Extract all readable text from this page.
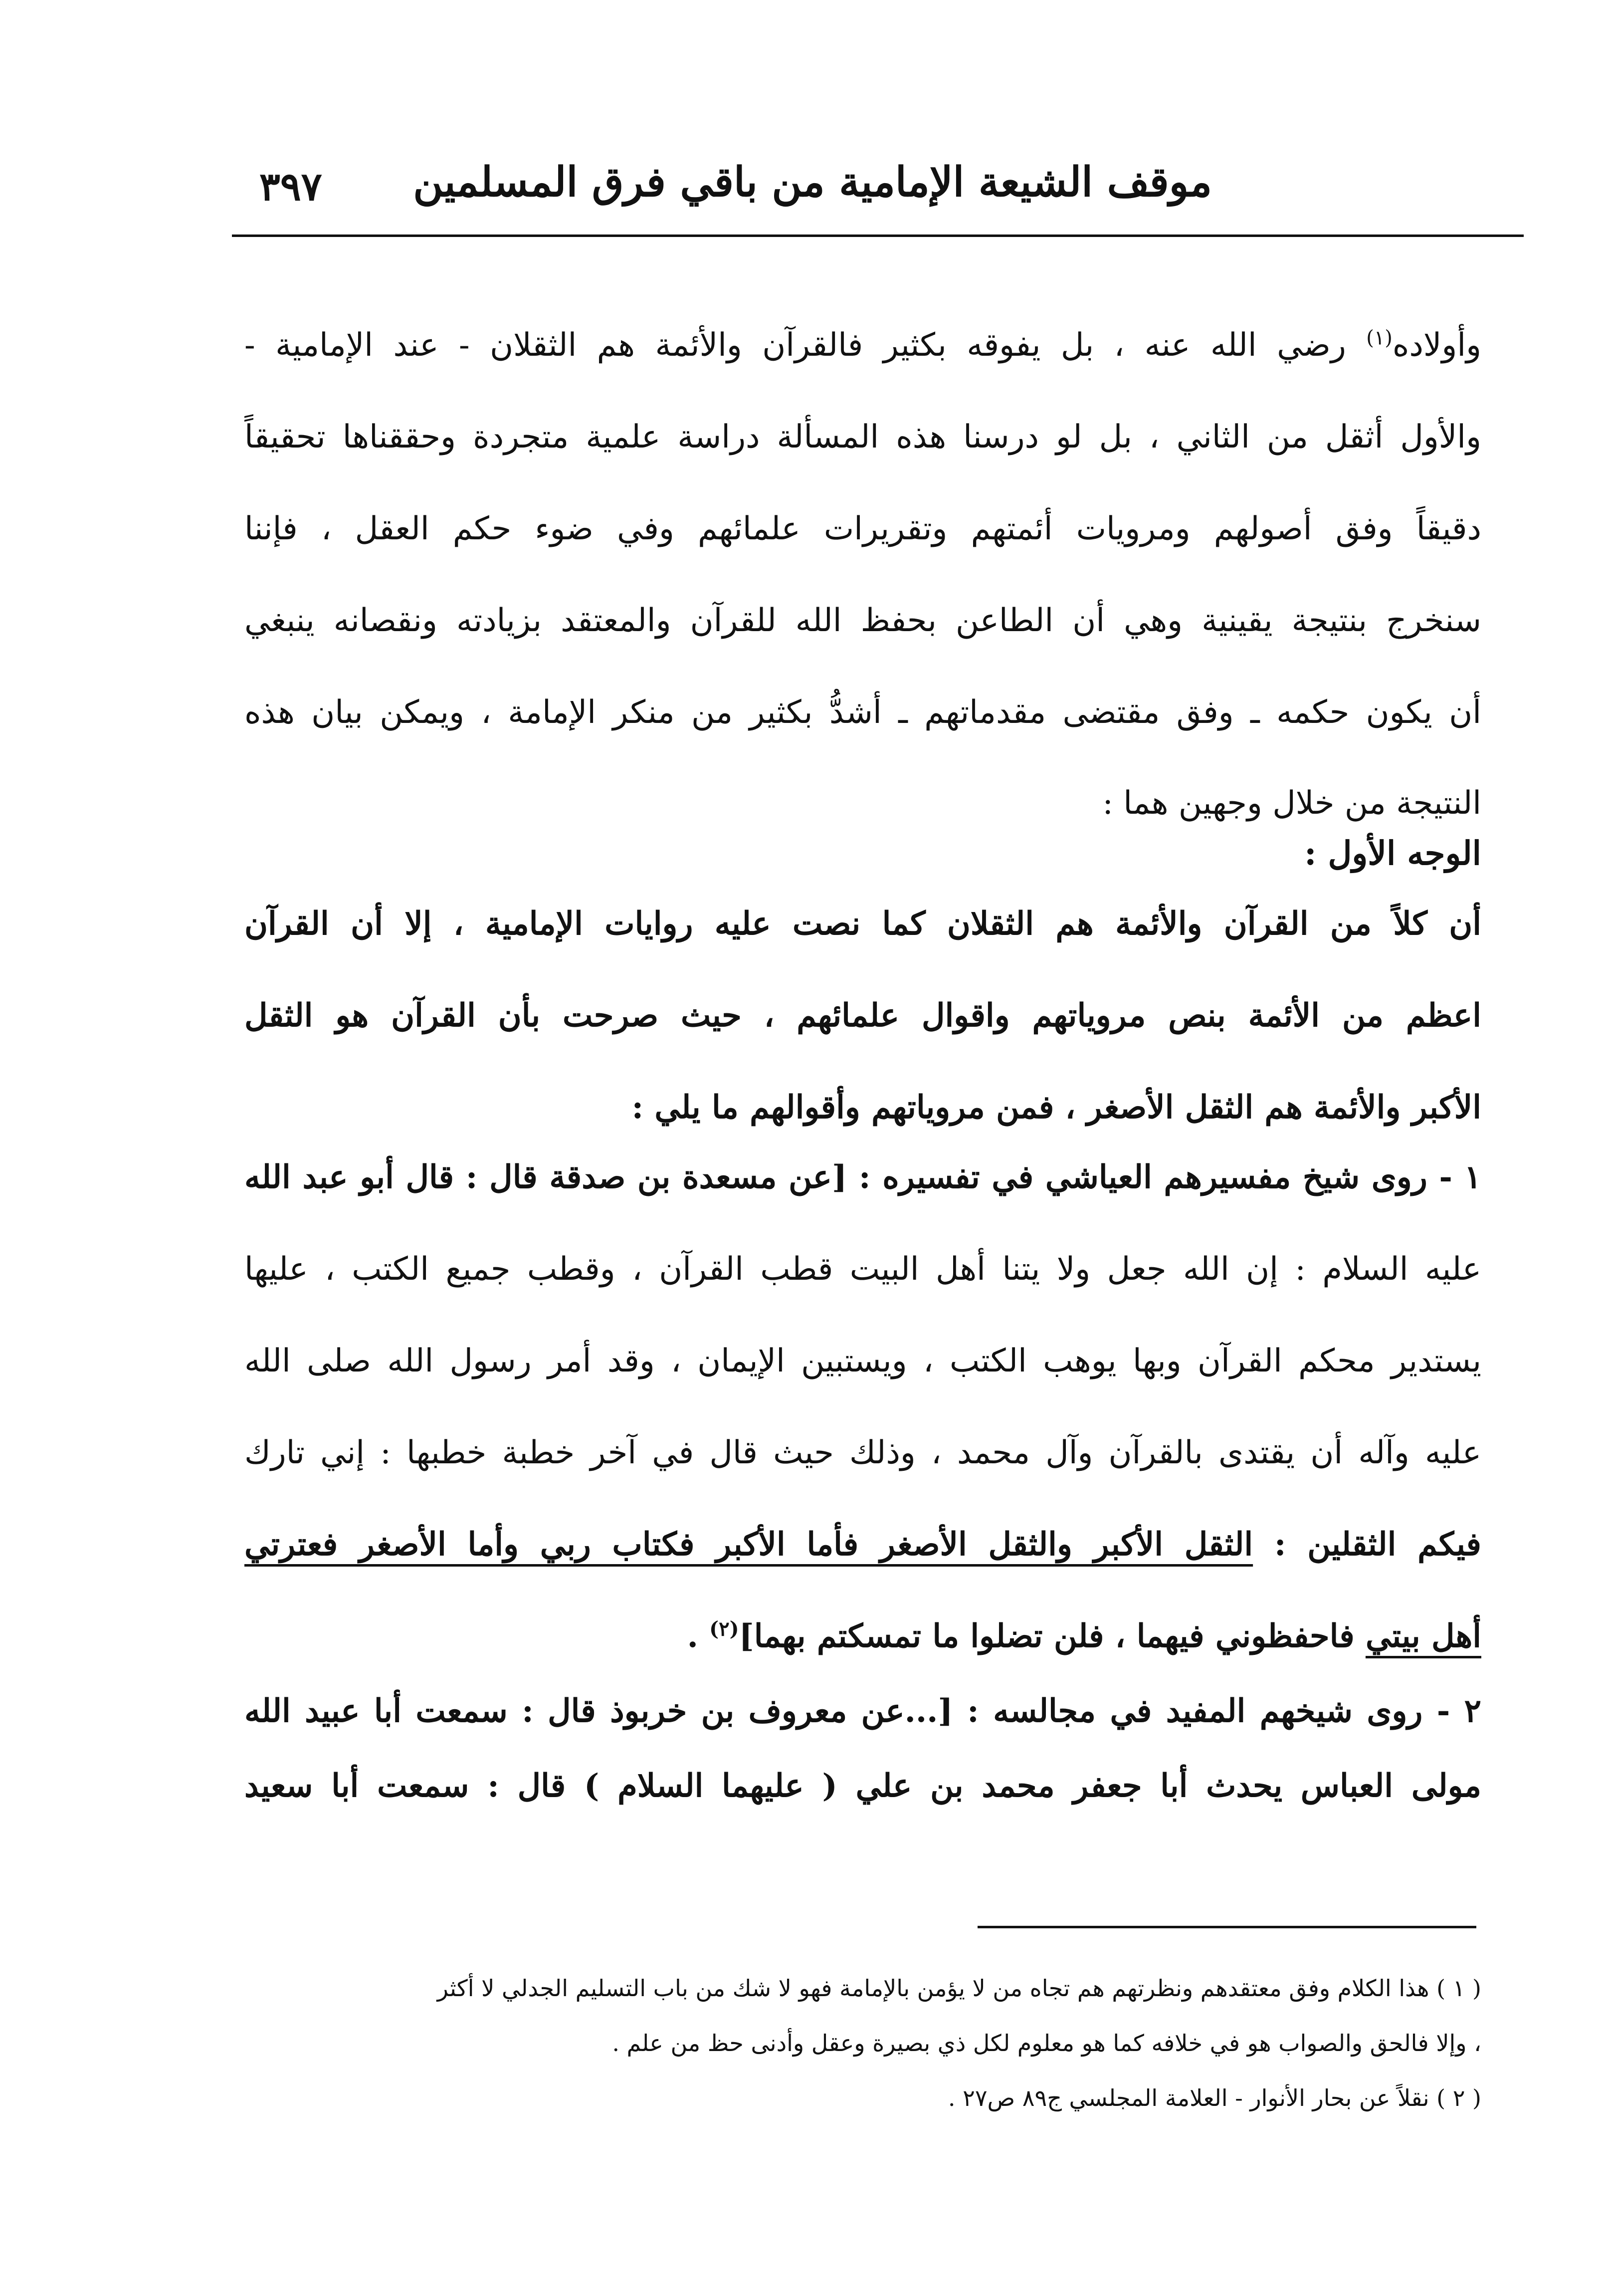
موقف الشيعة الإمامية من باقي فرق المسلمين
٣٩٧
وأولاده$^{(١)}$ رضي الله عنه ، بل يفوقه بكثير فالقرآن والأئمة هم الثقلان - عند الإمامية -
والأول أثقل من الثاني ، بل لو درسنا هذه المسألة دراسة علمية متجردة وحققناها تحقيقاً
دقيقاً وفق أصولهم ومرويات أئمتهم وتقريرات علمائهم وفي ضوء حكم العقل ، فإننا
سنخرج بنتيجة يقينية وهي أن الطاعن بحفظ الله للقرآن والمعتقد بزيادته ونقصانه ينبغي
أن يكون حكمه ـ وفق مقتضى مقدماتهم ـ أشدُّ بكثير من منكر الإمامة ، ويمكن بيان هذه
النتيجة من خلال وجهين هما :
الوجه الأول :
أن كلاً من القرآن والأئمة هم الثقلان كما نصت عليه روايات الإمامية ، إلا أن القرآن
اعظم من الأئمة بنص مروياتهم واقوال علمائهم ، حيث صرحت بأن القرآن هو الثقل
الأكبر والأئمة هم الثقل الأصغر ، فمن مروياتهم وأقوالهم ما يلي :
١ - روى شيخ مفسيرهم العياشي في تفسيره : [عن مسعدة بن صدقة قال : قال أبو عبد الله
عليه السلام : إن الله جعل ولا يتنا أهل البيت قطب القرآن ، وقطب جميع الكتب ، عليها
يستدير محكم القرآن وبها يوهب الكتب ، ويستبين الإيمان ، وقد أمر رسول الله صلى الله
عليه وآله أن يقتدى بالقرآن وآل محمد ، وذلك حيث قال في آخر خطبة خطبها : إني تارك
فيكم الثقلين : الثقل الأكبر والثقل الأصغر فأما الأكبر فكتاب ربي وأما الأصغر فعترتي
أهل بيتي فاحفظوني فيهما ، فلن تضلوا ما تمسكتم بهما]$^{(٢)}$ .
٢ - روى شيخهم المفيد في مجالسه : [...عن معروف بن خربوذ قال : سمعت أبا عبيد الله
مولى العباس يحدث أبا جعفر محمد بن علي ( عليهما السلام ) قال : سمعت أبا سعيد
( ١ ) هذا الكلام وفق معتقدهم ونظرتهم هم تجاه من لا يؤمن بالإمامة فهو لا شك من باب التسليم الجدلي لا أكثر
، وإلا فالحق والصواب هو في خلافه كما هو معلوم لكل ذي بصيرة وعقل وأدنى حظ من علم .
( ٢ ) نقلاً عن بحار الأنوار - العلامة المجلسي ج٨٩ ص٢٧ .
